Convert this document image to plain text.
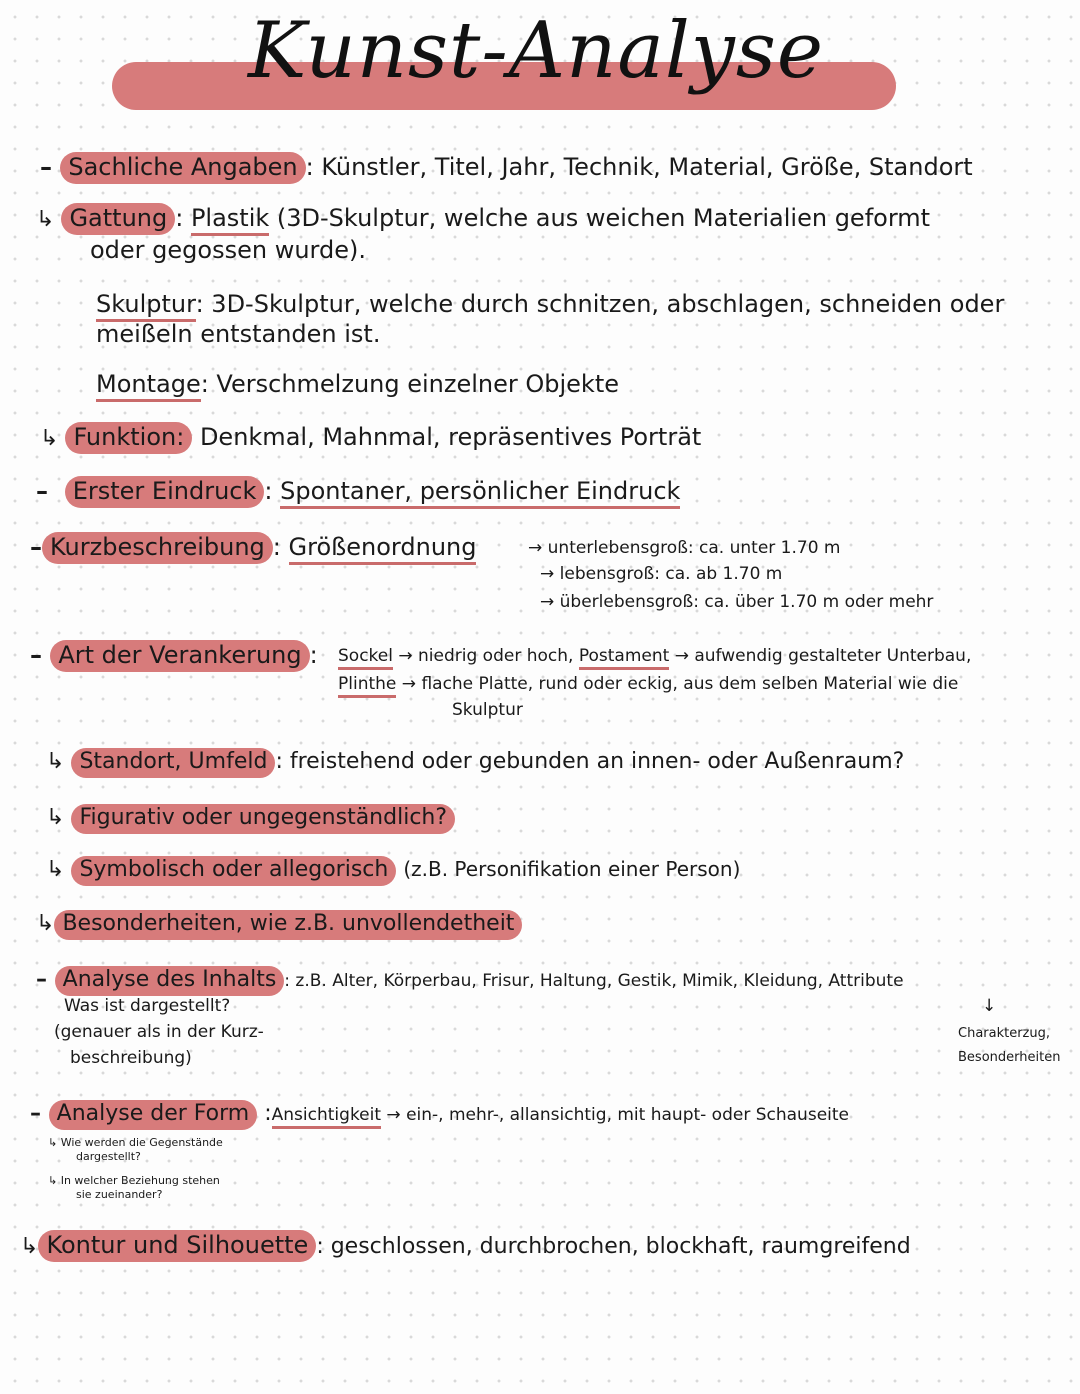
Kunst-Analyse
– Sachliche Angaben : Künstler, Titel, Jahr, Technik, Material, Größe, Standort
↳ Gattung : Plastik (3D-Skulptur, welche aus weichen Materialien geformt
oder gegossen wurde).
Skulptur: 3D-Skulptur, welche durch schnitzen, abschlagen, schneiden oder
meißeln entstanden ist.
Montage: Verschmelzung einzelner Objekte
↳ Funktion: Denkmal, Mahnmal, repräsentives Porträt
–  Erster Eindruck : Spontaner, persönlicher Eindruck
– Kurzbeschreibung : Größenordnung	→ unterlebensgroß: ca. unter 1.70 m
→ lebensgroß: ca. ab 1.70 m
→ überlebensgroß: ca. über 1.70 m oder mehr
– Art der Verankerung : Sockel → niedrig oder hoch, Postament → aufwendig gestalteter Unterbau,
Plinthe → flache Platte, rund oder eckig, aus dem selben Material wie die
Skulptur
↳ Standort, Umfeld : freistehend oder gebunden an innen- oder Außenraum?
↳ Figurativ oder ungegenständlich?
↳ Symbolisch oder allegorisch (z.B. Personifikation einer Person)
↳ Besonderheiten, wie z.B. unvollendetheit
– Analyse des Inhalts : z.B. Alter, Körperbau, Frisur, Haltung, Gestik, Mimik, Kleidung, Attribute
Was ist dargestellt?
(genauer als in der Kurz-
beschreibung)
↓
Charakterzug,
Besonderheiten
– Analyse der Form :Ansichtigkeit → ein-, mehr-, allansichtig, mit haupt- oder Schauseite
↳ Wie werden die Gegenstände
dargestellt?
↳ In welcher Beziehung stehen
sie zueinander?
↳ Kontur und Silhouette : geschlossen, durchbrochen, blockhaft, raumgreifend
